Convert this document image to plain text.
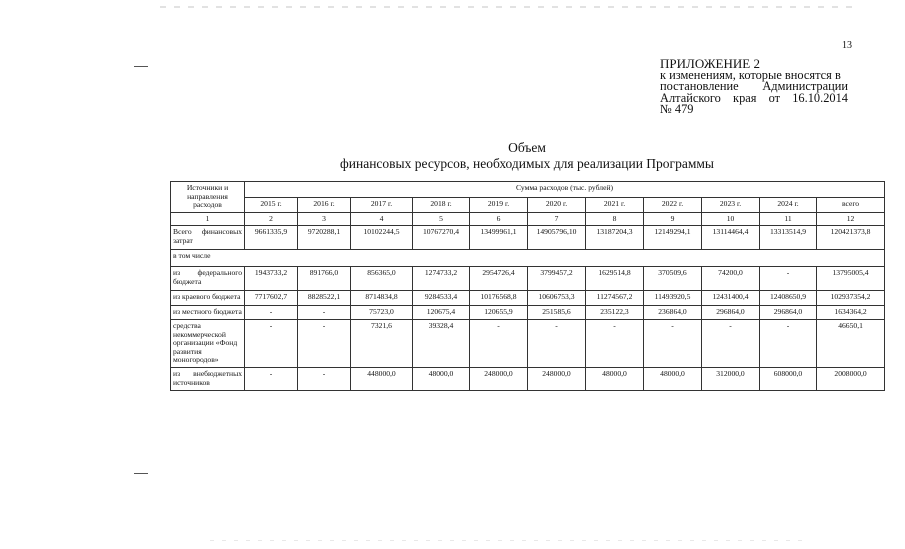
13
ПРИЛОЖЕНИЕ 2
к изменениям, которые вносятся в
постановление Администрации
Алтайского края от 16.10.2014
№ 479
Объем
финансовых ресурсов, необходимых для реализации Программы
Источники и направления расходов	Сумма расходов (тыс. рублей)										
	2015 г.	2016 г.	2017 г.	2018 г.	2019 г.	2020 г.	2021 г.	2022 г.	2023 г.	2024 г.	всего
1	2	3	4	5	6	7	8	9	10	11	12
Всего финансовых затрат	9661335,9	9720288,1	10102244,5	10767270,4	13499961,1	14905796,10	13187204,3	12149294,1	13114464,4	13313514,9	120421373,8
в том числе											
из федерального бюджета	1943733,2	891766,0	856365,0	1274733,2	2954726,4	3799457,2	1629514,8	370509,6	74200,0	-	13795005,4
из краевого бюджета	7717602,7	8828522,1	8714834,8	9284533,4	10176568,8	10606753,3	11274567,2	11493920,5	12431400,4	12408650,9	102937354,2
из местного бюджета	-	-	75723,0	120675,4	120655,9	251585,6	235122,3	236864,0	296864,0	296864,0	1634364,2
средства некоммерческой организации «Фонд развития моногородов»	-	-	7321,6	39328,4	-	-	-	-	-	-	46650,1
из внебюджетных источников	-	-	448000,0	48000,0	248000,0	248000,0	48000,0	48000,0	312000,0	608000,0	2008000,0
